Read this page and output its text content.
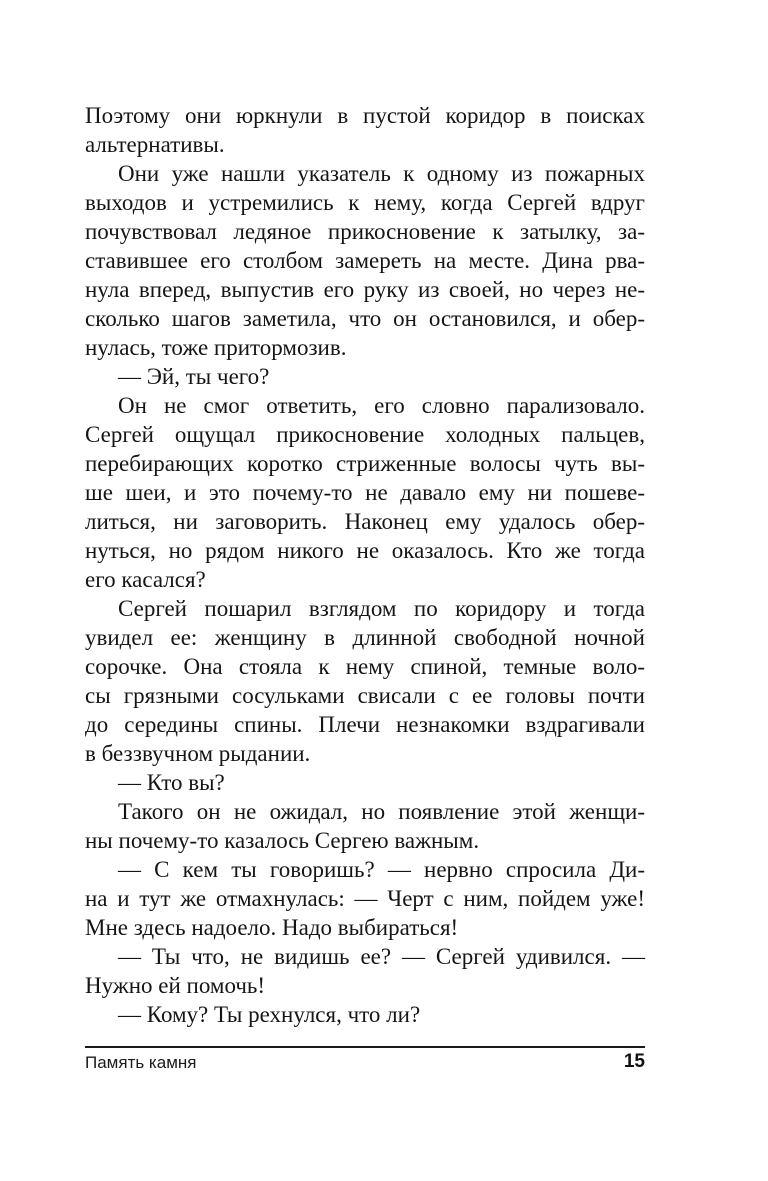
Поэтому они юркнули в пустой коридор в поисках
альтернативы.
Они уже нашли указатель к одному из пожарных
выходов и устремились к нему, когда Сергей вдруг
почувствовал ледяное прикосновение к затылку, за-
ставившее его столбом замереть на месте. Дина рва-
нула вперед, выпустив его руку из своей, но через не-
сколько шагов заметила, что он остановился, и обер-
нулась, тоже притормозив.
— Эй, ты чего?
Он не смог ответить, его словно парализовало.
Сергей ощущал прикосновение холодных пальцев,
перебирающих коротко стриженные волосы чуть вы-
ше шеи, и это почему-то не давало ему ни пошеве-
литься, ни заговорить. Наконец ему удалось обер-
нуться, но рядом никого не оказалось. Кто же тогда
его касался?
Сергей пошарил взглядом по коридору и тогда
увидел ее: женщину в длинной свободной ночной
сорочке. Она стояла к нему спиной, темные воло-
сы грязными сосульками свисали с ее головы почти
до середины спины. Плечи незнакомки вздрагивали
в беззвучном рыдании.
— Кто вы?
Такого он не ожидал, но появление этой женщи-
ны почему-то казалось Сергею важным.
— С кем ты говоришь? — нервно спросила Ди-
на и тут же отмахнулась: — Черт с ним, пойдем уже!
Мне здесь надоело. Надо выбираться!
— Ты что, не видишь ее? — Сергей удивился. —
Нужно ей помочь!
— Кому? Ты рехнулся, что ли?
Память камня	15
